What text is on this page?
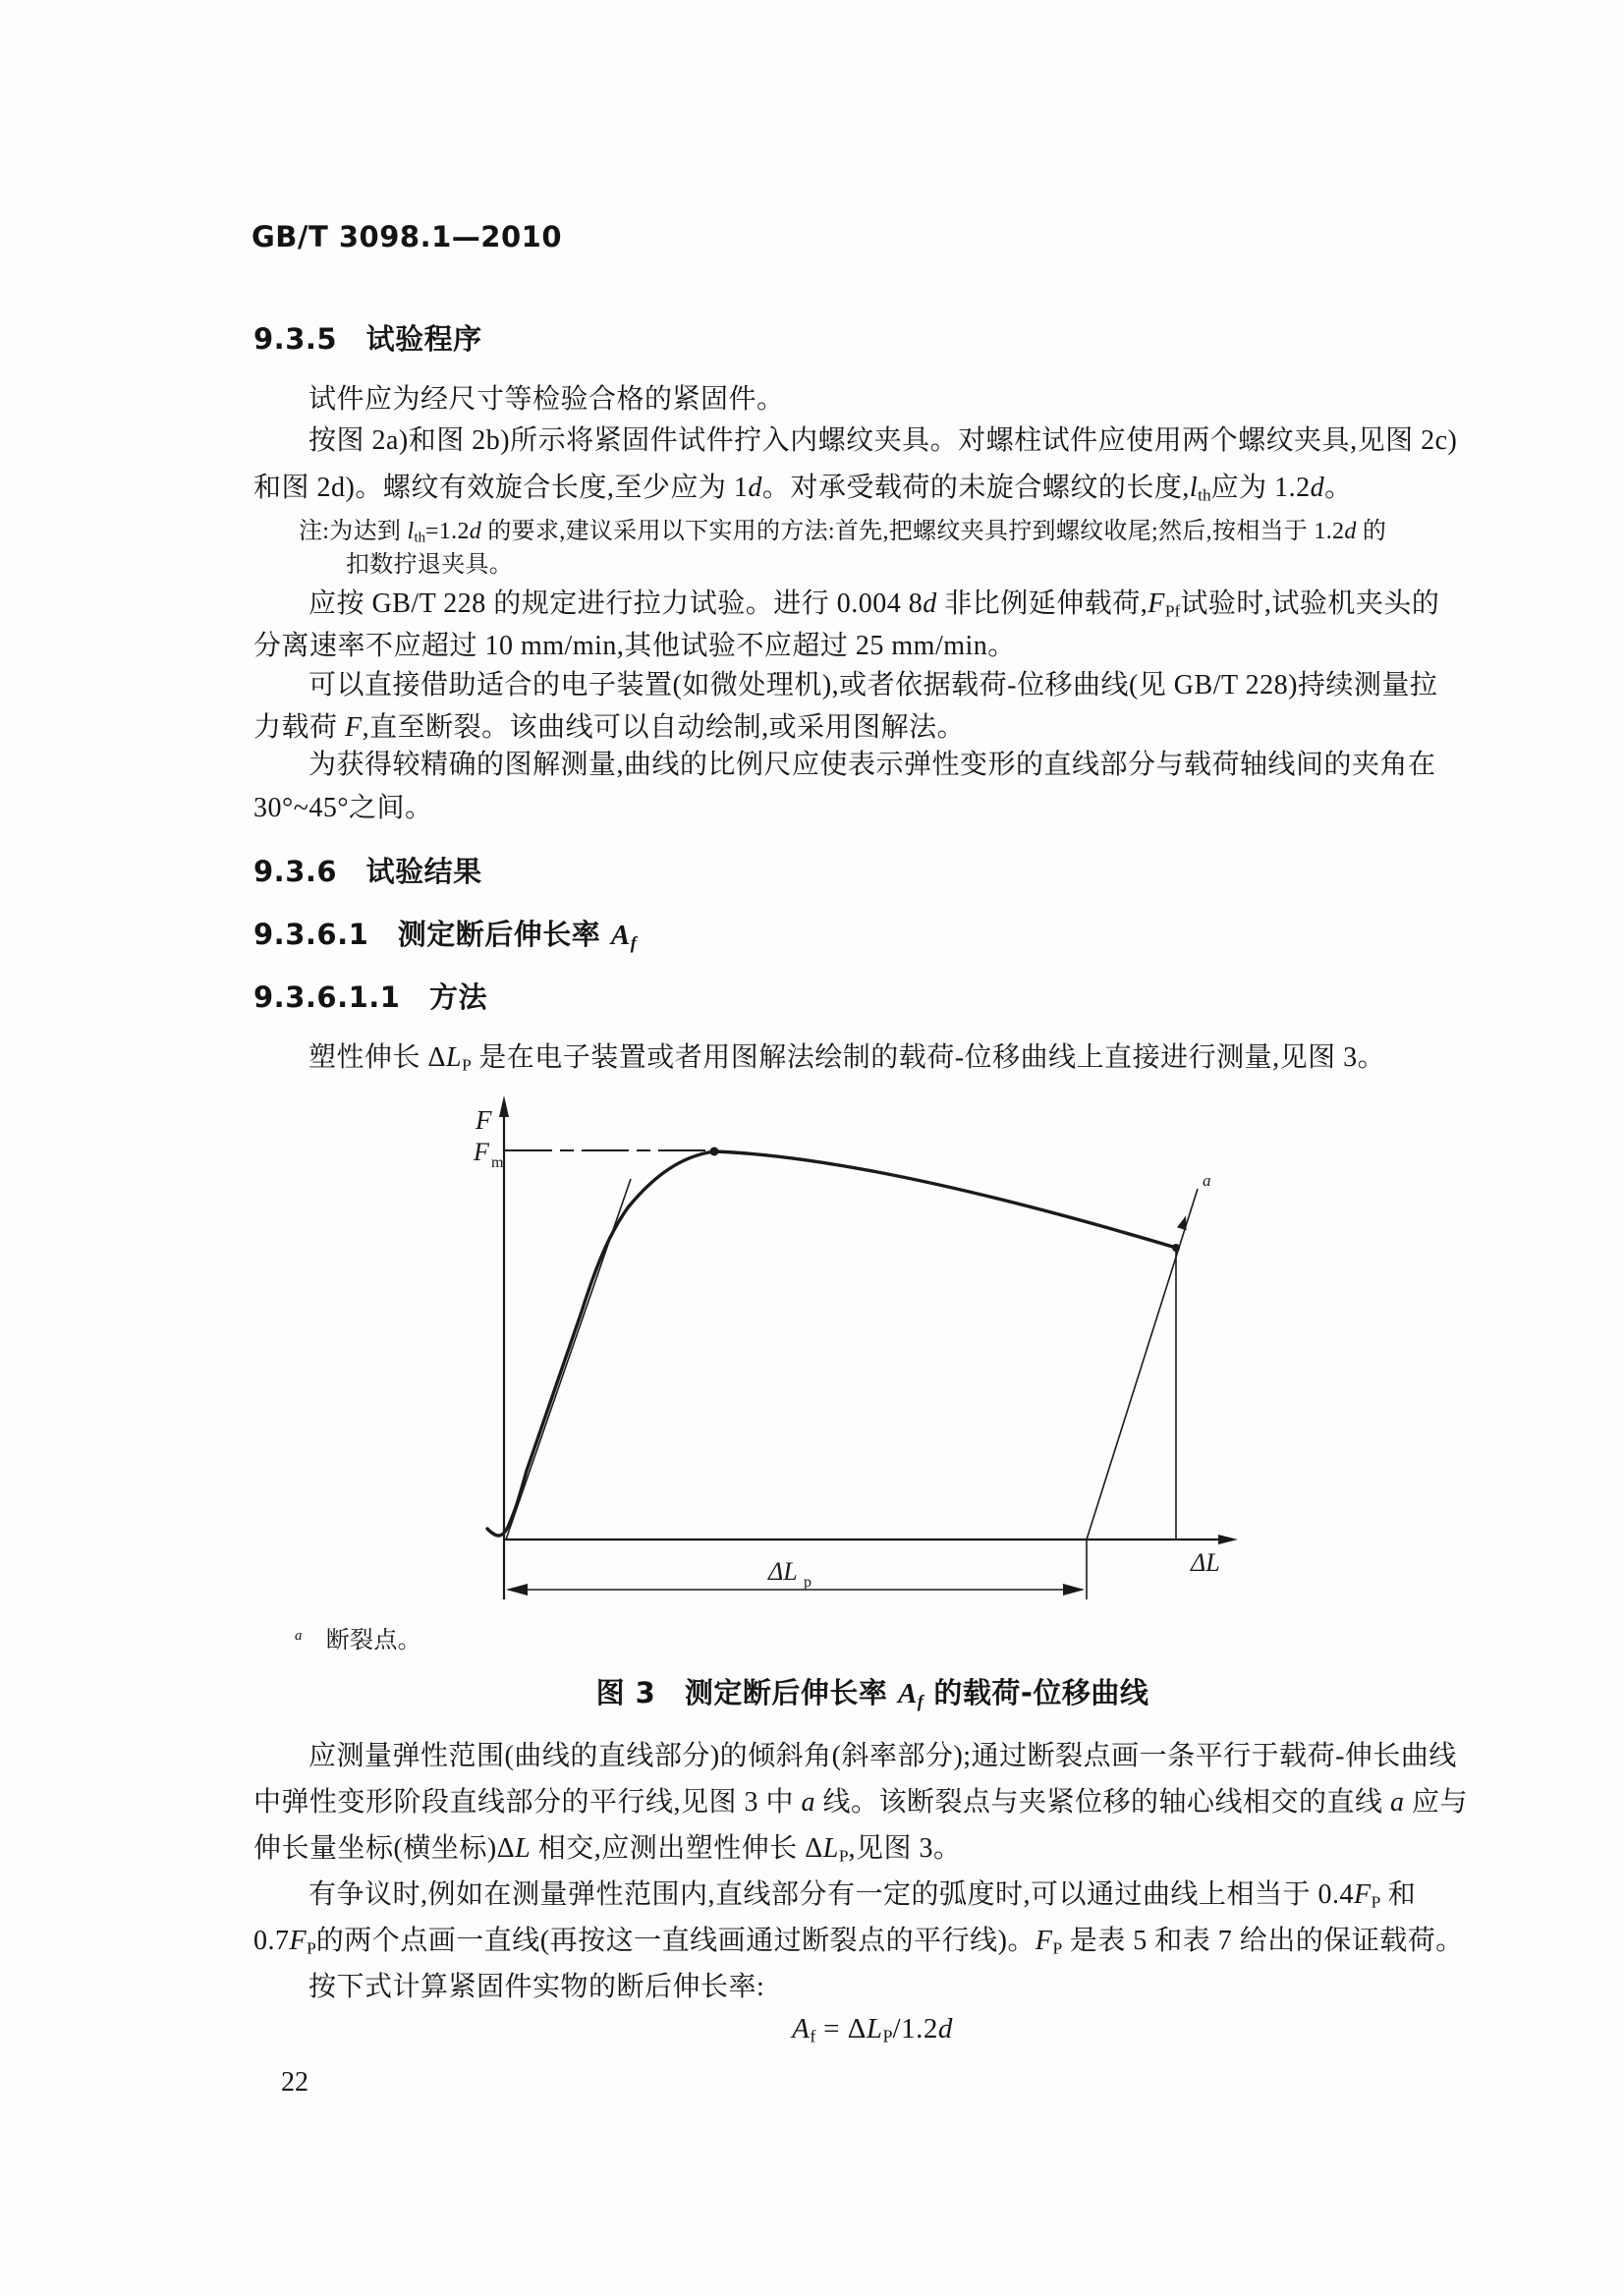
GB/T 3098.1—2010
9.3.5　试验程序
试件应为经尺寸等检验合格的紧固件。
按图 2a)和图 2b)所示将紧固件试件拧入内螺纹夹具。对螺柱试件应使用两个螺纹夹具,见图 2c)
和图 2d)。螺纹有效旋合长度,至少应为 1d。对承受载荷的未旋合螺纹的长度,lth应为 1.2d。
注:为达到 lth=1.2d 的要求,建议采用以下实用的方法:首先,把螺纹夹具拧到螺纹收尾;然后,按相当于 1.2d 的
扣数拧退夹具。
应按 GB/T 228 的规定进行拉力试验。进行 0.004 8d 非比例延伸载荷,FPf试验时,试验机夹头的
分离速率不应超过 10 mm/min,其他试验不应超过 25 mm/min。
可以直接借助适合的电子装置(如微处理机),或者依据载荷-位移曲线(见 GB/T 228)持续测量拉
力载荷 F,直至断裂。该曲线可以自动绘制,或采用图解法。
为获得较精确的图解测量,曲线的比例尺应使表示弹性变形的直线部分与载荷轴线间的夹角在
30°~45°之间。
9.3.6　试验结果
9.3.6.1　测定断后伸长率 Af
9.3.6.1.1　方法
塑性伸长 ΔLP 是在电子装置或者用图解法绘制的载荷-位移曲线上直接进行测量,见图 3。
F
ΔL
F m
a
ΔL p
$^a$　断裂点。
图 3　测定断后伸长率 Af 的载荷-位移曲线
应测量弹性范围(曲线的直线部分)的倾斜角(斜率部分);通过断裂点画一条平行于载荷-伸长曲线
中弹性变形阶段直线部分的平行线,见图 3 中 a 线。该断裂点与夹紧位移的轴心线相交的直线 a 应与
伸长量坐标(横坐标)ΔL 相交,应测出塑性伸长 ΔLP,见图 3。
有争议时,例如在测量弹性范围内,直线部分有一定的弧度时,可以通过曲线上相当于 0.4FP 和
0.7FP的两个点画一直线(再按这一直线画通过断裂点的平行线)。FP 是表 5 和表 7 给出的保证载荷。
按下式计算紧固件实物的断后伸长率:
Af = ΔLP/1.2d
22
